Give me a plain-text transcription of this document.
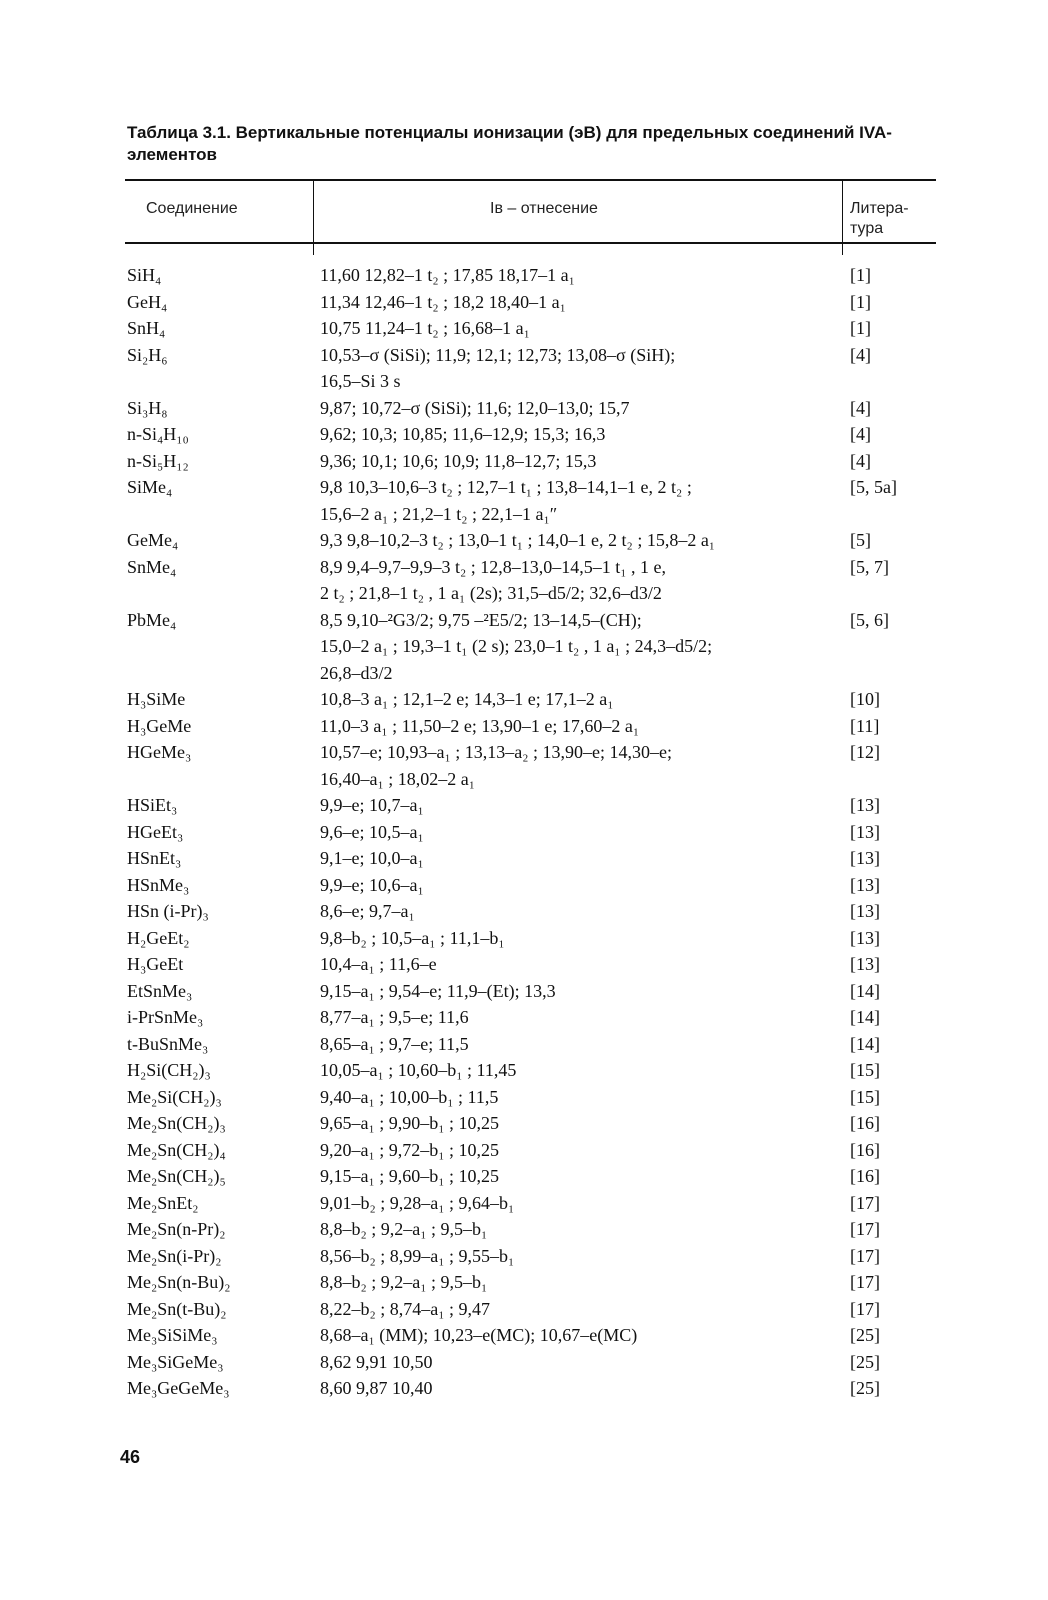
Таблица 3.1. Вертикальные потенциалы ионизации (эВ) для предельных соединений IVA-элементов
Соединение	Iв – отнесение	Литера-тура
SiH₄	11,60 12,82–1 t₂ ; 17,85 18,17–1 a₁	[1]
GeH₄	11,34 12,46–1 t₂ ; 18,2 18,40–1 a₁	[1]
SnH₄	10,75 11,24–1 t₂ ; 16,68–1 a₁	[1]
Si₂H₆	10,53–σ (SiSi); 11,9; 12,1; 12,73; 13,08–σ (SiH);	[4]
16,5–Si 3 s
Si₃H₈	9,87; 10,72–σ (SiSi); 11,6; 12,0–13,0; 15,7	[4]
n-Si₄H₁₀	9,62; 10,3; 10,85; 11,6–12,9; 15,3; 16,3	[4]
n-Si₅H₁₂	9,36; 10,1; 10,6; 10,9; 11,8–12,7; 15,3	[4]
SiMe₄	9,8 10,3–10,6–3 t₂ ; 12,7–1 t₁ ; 13,8–14,1–1 e, 2 t₂ ;	[5, 5a]
15,6–2 a₁ ; 21,2–1 t₂ ; 22,1–1 a₁″
GeMe₄	9,3 9,8–10,2–3 t₂ ; 13,0–1 t₁ ; 14,0–1 e, 2 t₂ ; 15,8–2 a₁	[5]
SnMe₄	8,9 9,4–9,7–9,9–3 t₂ ; 12,8–13,0–14,5–1 t₁ , 1 e,	[5, 7]
2 t₂ ; 21,8–1 t₂ , 1 a₁ (2s); 31,5–d5/2; 32,6–d3/2
PbMe₄	8,5 9,10–²G3/2; 9,75 –²E5/2; 13–14,5–(CH);	[5, 6]
15,0–2 a₁ ; 19,3–1 t₁ (2 s); 23,0–1 t₂ , 1 a₁ ; 24,3–d5/2;
26,8–d3/2
H₃SiMe	10,8–3 a₁ ; 12,1–2 e; 14,3–1 e; 17,1–2 a₁	[10]
H₃GeMe	11,0–3 a₁ ; 11,50–2 e; 13,90–1 e; 17,60–2 a₁	[11]
HGeMe₃	10,57–e; 10,93–a₁ ; 13,13–a₂ ; 13,90–e; 14,30–e;	[12]
16,40–a₁ ; 18,02–2 a₁
HSiEt₃	9,9–e; 10,7–a₁	[13]
HGeEt₃	9,6–e; 10,5–a₁	[13]
HSnEt₃	9,1–e; 10,0–a₁	[13]
HSnMe₃	9,9–e; 10,6–a₁	[13]
HSn (i-Pr)₃	8,6–e; 9,7–a₁	[13]
H₂GeEt₂	9,8–b₂ ; 10,5–a₁ ; 11,1–b₁	[13]
H₃GeEt	10,4–a₁ ; 11,6–e	[13]
EtSnMe₃	9,15–a₁ ; 9,54–e; 11,9–(Et); 13,3	[14]
i-PrSnMe₃	8,77–a₁ ; 9,5–e; 11,6	[14]
t-BuSnMe₃	8,65–a₁ ; 9,7–e; 11,5	[14]
H₂Si(CH₂)₃	10,05–a₁ ; 10,60–b₁ ; 11,45	[15]
Me₂Si(CH₂)₃	9,40–a₁ ; 10,00–b₁ ; 11,5	[15]
Me₂Sn(CH₂)₃	9,65–a₁ ; 9,90–b₁ ; 10,25	[16]
Me₂Sn(CH₂)₄	9,20–a₁ ; 9,72–b₁ ; 10,25	[16]
Me₂Sn(CH₂)₅	9,15–a₁ ; 9,60–b₁ ; 10,25	[16]
Me₂SnEt₂	9,01–b₂ ; 9,28–a₁ ; 9,64–b₁	[17]
Me₂Sn(n-Pr)₂	8,8–b₂ ; 9,2–a₁ ; 9,5–b₁	[17]
Me₂Sn(i-Pr)₂	8,56–b₂ ; 8,99–a₁ ; 9,55–b₁	[17]
Me₂Sn(n-Bu)₂	8,8–b₂ ; 9,2–a₁ ; 9,5–b₁	[17]
Me₂Sn(t-Bu)₂	8,22–b₂ ; 8,74–a₁ ; 9,47	[17]
Me₃SiSiMe₃	8,68–a₁ (MM); 10,23–e(MC); 10,67–e(MC)	[25]
Me₃SiGeMe₃	8,62 9,91 10,50	[25]
Me₃GeGeMe₃	8,60 9,87 10,40	[25]
46
